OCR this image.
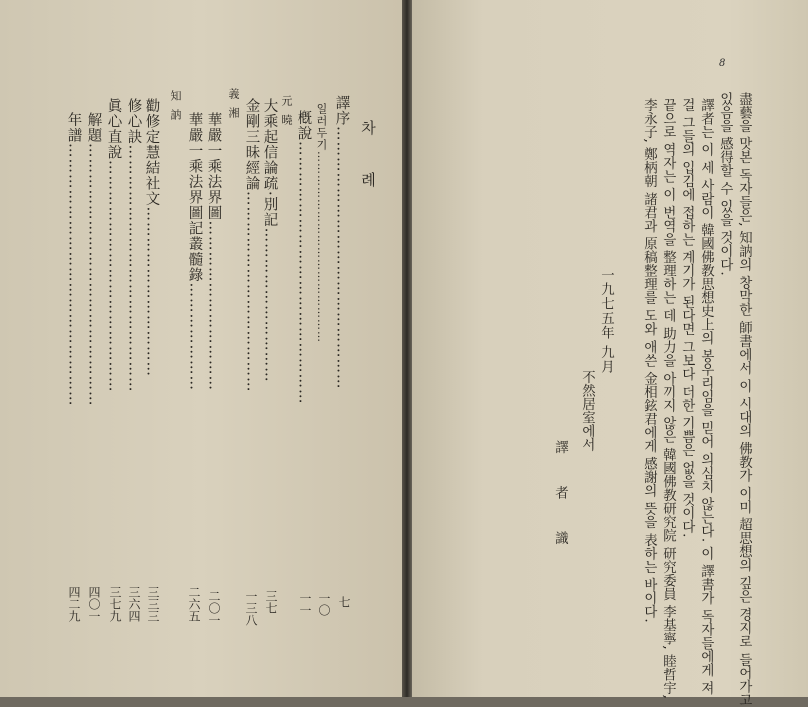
차 례
譯序……………………………………………
七
일러두기…………………………………………
一〇
槪說……………………………………………
一一
元曉
大乘起信論疏·別記…………………………
三七
金剛三昧經論…………………………………
一三八
義湘
華嚴一乘法界圖……………………………
二〇一
華嚴一乘法界圖記叢髓錄…………………
二六五
知訥
勸修定慧結社文……………………………
三三三
修心訣…………………………………………
三六四
眞心直說………………………………………
三七九
解題……………………………………………
四〇一
年譜……………………………………………
四二九
8
盡藝을 맛본 독자들은, 知訥의 창막한 師書에서 이 시대의 佛教가 이미 超思想의 깊은 경지로 들어가고
있음을 感得할 수 있을 것이다.
譯者는 이 세 사람이 韓國佛教思想史上의 봉우리임을 믿어 의심치 않는다. 이 譯書가 독자들에게 져
걸 그들의 입김에 접하는 계기가 된다면 그보다 더한 기쁨은 없을 것이다.
끝으로 역자는 이 번역을 整理하는 데 助力을 아끼지 않은 韓國佛教研究院 研究委員 李基寧, 睦哲宇,
李永子, 鄭柄朝 諸君과 原稿整理를 도와 애쓴 金相鉉君에게 感謝의 뜻을 表하는 바이다.
一九七五年 九月
不然居室에서
譯 者 識
